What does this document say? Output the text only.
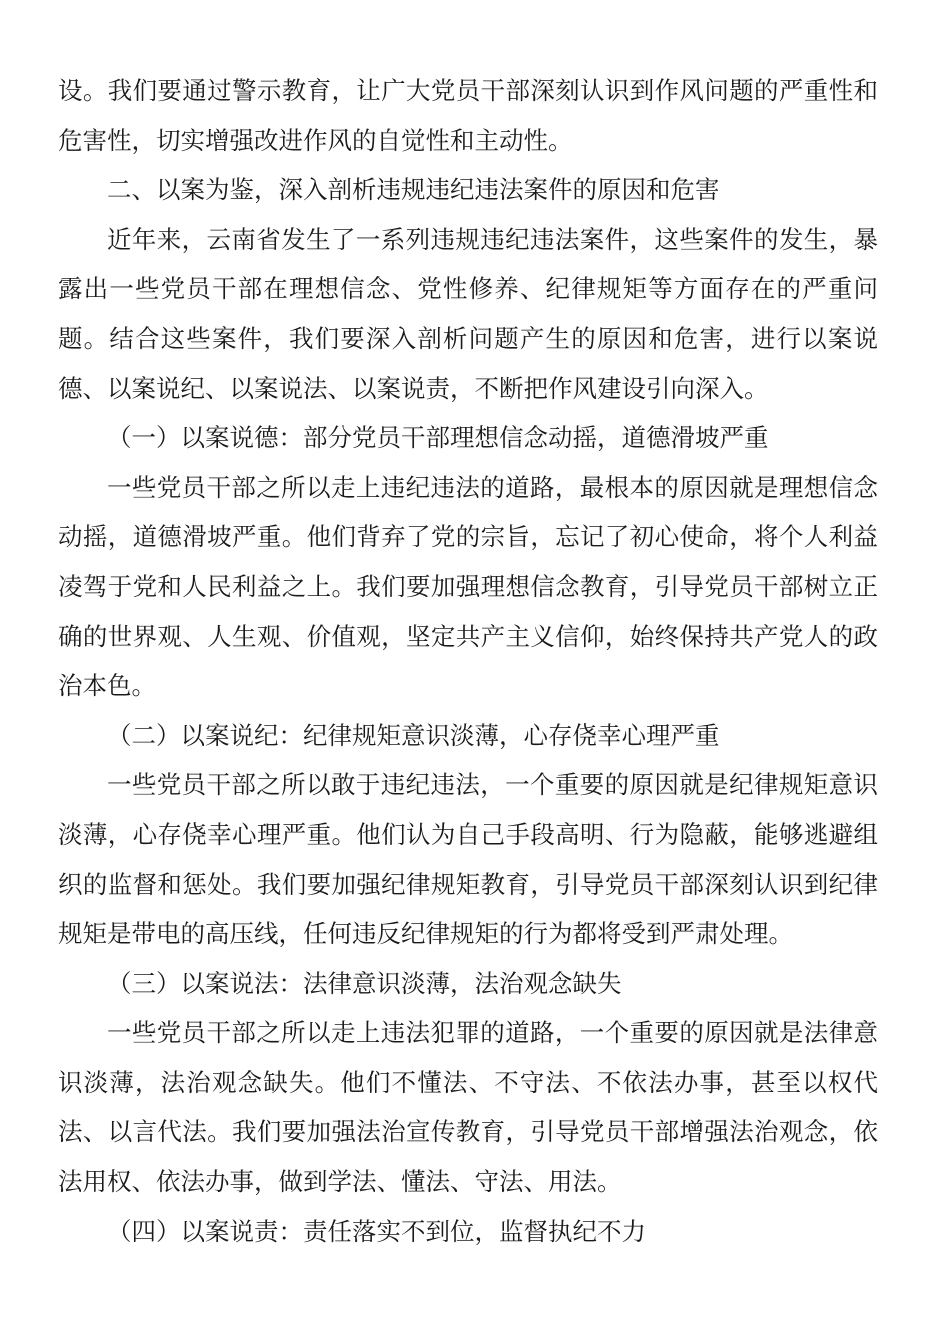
设。我们要通过警示教育，让广大党员干部深刻认识到作风问题的严重性和危害性，切实增强改进作风的自觉性和主动性。

二、以案为鉴，深入剖析违规违纪违法案件的原因和危害

近年来，云南省发生了一系列违规违纪违法案件，这些案件的发生，暴露出一些党员干部在理想信念、党性修养、纪律规矩等方面存在的严重问题。结合这些案件，我们要深入剖析问题产生的原因和危害，进行以案说德、以案说纪、以案说法、以案说责，不断把作风建设引向深入。

（一）以案说德：部分党员干部理想信念动摇，道德滑坡严重

一些党员干部之所以走上违纪违法的道路，最根本的原因就是理想信念动摇，道德滑坡严重。他们背弃了党的宗旨，忘记了初心使命，将个人利益凌驾于党和人民利益之上。我们要加强理想信念教育，引导党员干部树立正确的世界观、人生观、价值观，坚定共产主义信仰，始终保持共产党人的政治本色。

（二）以案说纪：纪律规矩意识淡薄，心存侥幸心理严重

一些党员干部之所以敢于违纪违法，一个重要的原因就是纪律规矩意识淡薄，心存侥幸心理严重。他们认为自己手段高明、行为隐蔽，能够逃避组织的监督和惩处。我们要加强纪律规矩教育，引导党员干部深刻认识到纪律规矩是带电的高压线，任何违反纪律规矩的行为都将受到严肃处理。

（三）以案说法：法律意识淡薄，法治观念缺失

一些党员干部之所以走上违法犯罪的道路，一个重要的原因就是法律意识淡薄，法治观念缺失。他们不懂法、不守法、不依法办事，甚至以权代法、以言代法。我们要加强法治宣传教育，引导党员干部增强法治观念，依法用权、依法办事，做到学法、懂法、守法、用法。

（四）以案说责：责任落实不到位，监督执纪不力
